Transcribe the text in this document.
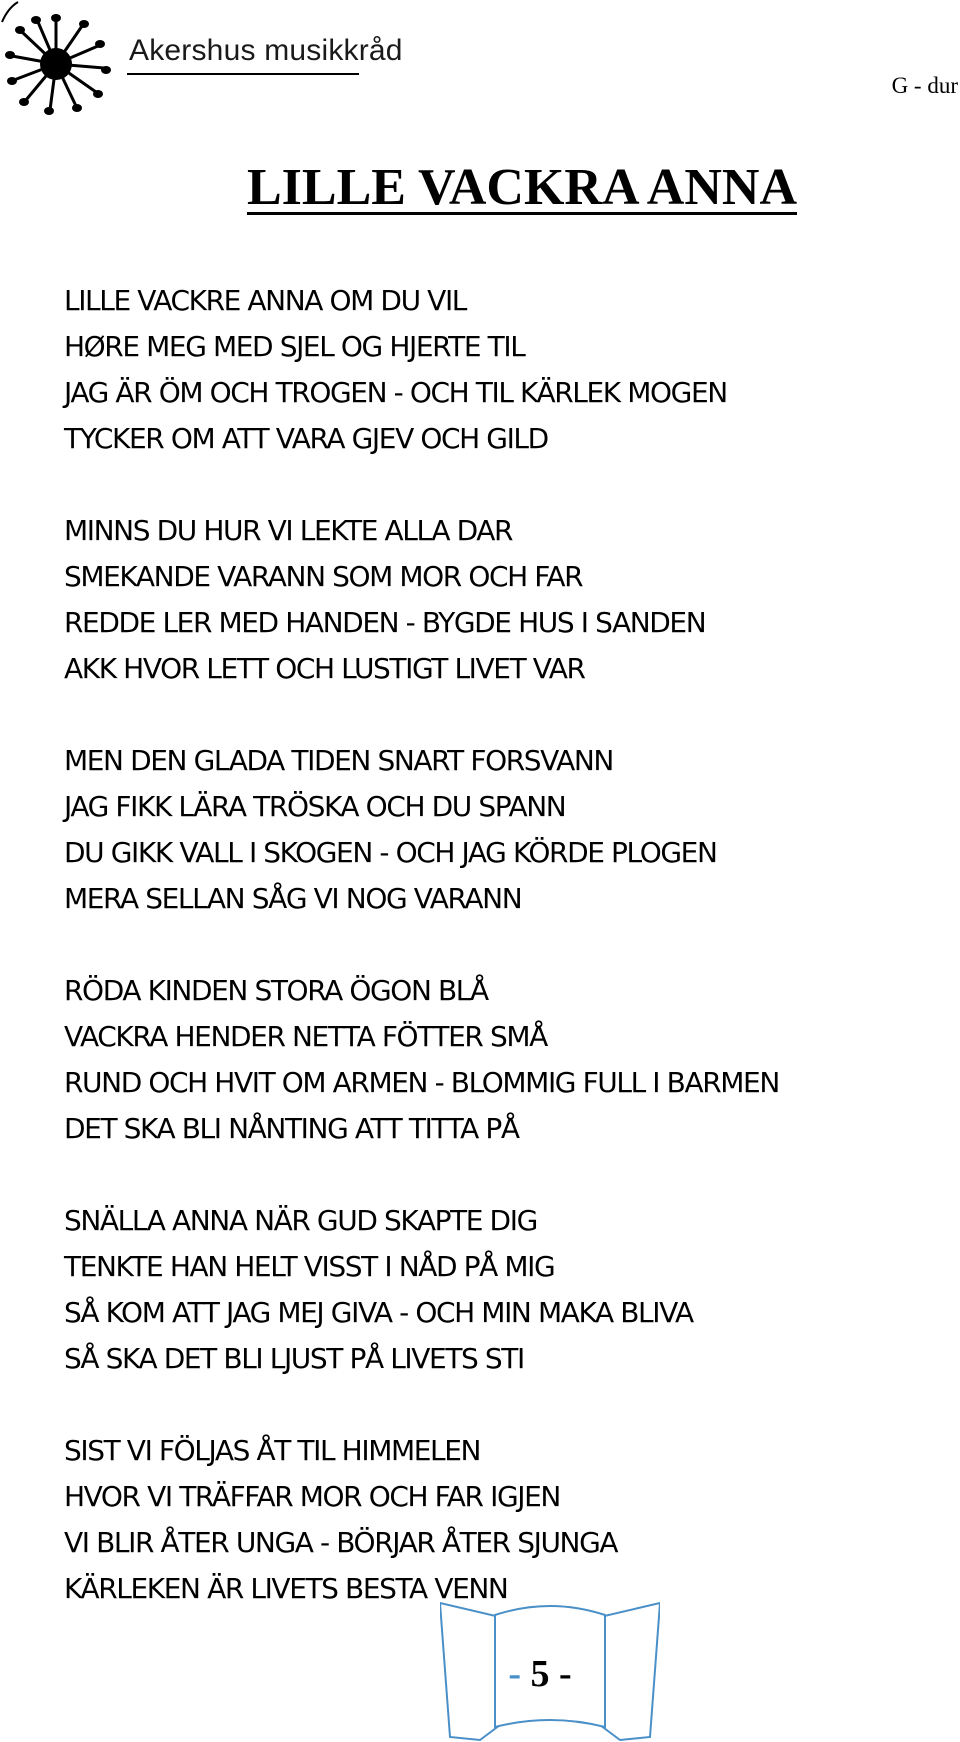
Akershus musikkråd
G - dur
LILLE VACKRA ANNA
LILLE VACKRE ANNA OM DU VIL
HØRE MEG MED SJEL OG HJERTE TIL
JAG ÄR ÖM OCH TROGEN - OCH TIL KÄRLEK MOGEN
TYCKER OM ATT VARA GJEV OCH GILD
MINNS DU HUR VI LEKTE ALLA DAR
SMEKANDE VARANN SOM MOR OCH FAR
REDDE LER MED HANDEN - BYGDE HUS I SANDEN
AKK HVOR LETT OCH LUSTIGT LIVET VAR
MEN DEN GLADA TIDEN SNART FORSVANN
JAG FIKK LÄRA TRÖSKA OCH DU SPANN
DU GIKK VALL I SKOGEN - OCH JAG KÖRDE PLOGEN
MERA SELLAN SÅG VI NOG VARANN
RÖDA KINDEN STORA ÖGON BLÅ
VACKRA HENDER NETTA FÖTTER SMÅ
RUND OCH HVIT OM ARMEN - BLOMMIG FULL I BARMEN
DET SKA BLI NÅNTING ATT TITTA PÅ
SNÄLLA ANNA NÄR GUD SKAPTE DIG
TENKTE HAN HELT VISST I NÅD PÅ MIG
SÅ KOM ATT JAG MEJ GIVA - OCH MIN MAKA BLIVA
SÅ SKA DET BLI LJUST PÅ LIVETS STI
SIST VI FÖLJAS ÅT TIL HIMMELEN
HVOR VI TRÄFFAR MOR OCH FAR IGJEN
VI BLIR ÅTER UNGA - BÖRJAR ÅTER SJUNGA
KÄRLEKEN ÄR LIVETS BESTA VENN
- 5 -
